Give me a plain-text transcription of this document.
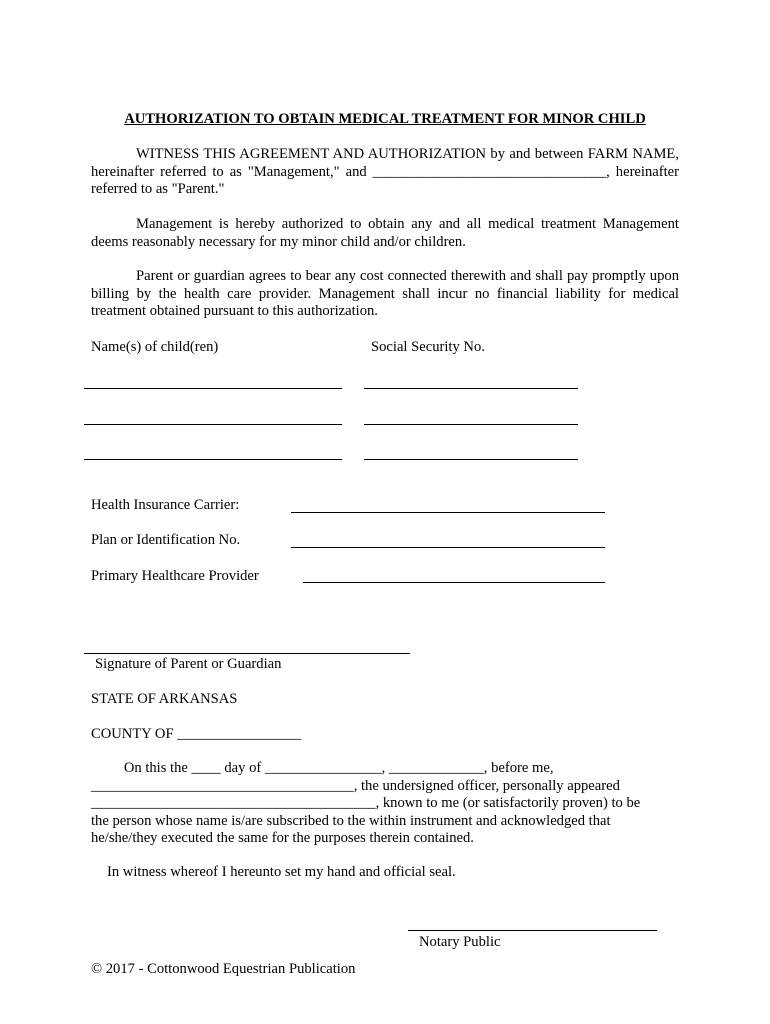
AUTHORIZATION TO OBTAIN MEDICAL TREATMENT FOR MINOR CHILD
WITNESS THIS AGREEMENT AND AUTHORIZATION by and between FARM NAME, hereinafter referred to as "Management," and ________________________________, hereinafter referred to as "Parent."
Management is hereby authorized to obtain any and all medical treatment Management deems reasonably necessary for my minor child and/or children.
Parent or guardian agrees to bear any cost connected therewith and shall pay promptly upon billing by the health care provider. Management shall incur no financial liability for medical treatment obtained pursuant to this authorization.
Name(s) of child(ren)	Social Security No.
Health Insurance Carrier:
Plan or Identification No.
Primary Healthcare Provider
Signature of Parent or Guardian
STATE OF ARKANSAS
COUNTY OF _________________
On this the ____ day of ________________, _____________, before me,
____________________________________, the undersigned officer, personally appeared
_______________________________________, known to me (or satisfactorily proven) to be
the person whose name is/are subscribed to the within instrument and acknowledged that
he/she/they executed the same for the purposes therein contained.
In witness whereof I hereunto set my hand and official seal.
Notary Public
© 2017 - Cottonwood Equestrian Publication
